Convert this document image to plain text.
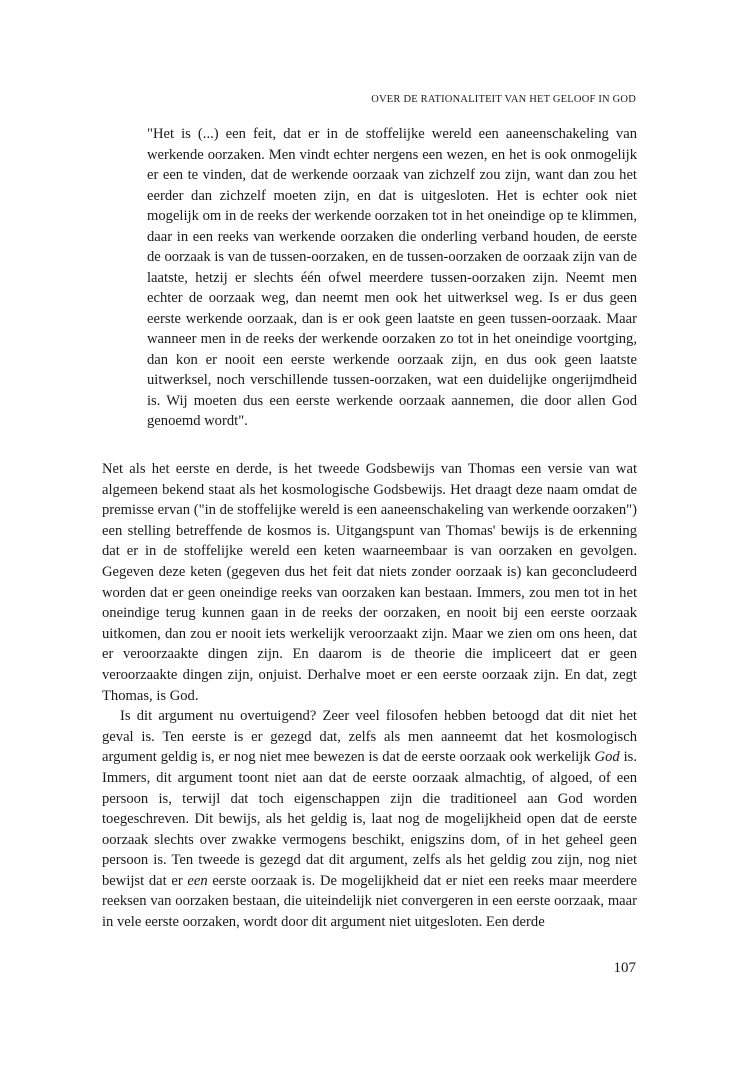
OVER DE RATIONALITEIT VAN HET GELOOF IN GOD
"Het is (...) een feit, dat er in de stoffelijke wereld een aaneenschakeling van werkende oorzaken. Men vindt echter nergens een wezen, en het is ook onmogelijk er een te vinden, dat de werkende oorzaak van zichzelf zou zijn, want dan zou het eerder dan zichzelf moeten zijn, en dat is uitgesloten. Het is echter ook niet mogelijk om in de reeks der werkende oorzaken tot in het oneindige op te klimmen, daar in een reeks van werkende oorzaken die onderling verband houden, de eerste de oorzaak is van de tussen-oorzaken, en de tussen-oorzaken de oorzaak zijn van de laatste, hetzij er slechts één ofwel meerdere tussen-oorzaken zijn. Neemt men echter de oorzaak weg, dan neemt men ook het uitwerksel weg. Is er dus geen eerste werkende oorzaak, dan is er ook geen laatste en geen tussen-oorzaak. Maar wanneer men in de reeks der werkende oorzaken zo tot in het oneindige voortging, dan kon er nooit een eerste werkende oorzaak zijn, en dus ook geen laatste uitwerksel, noch verschillende tussen-oorzaken, wat een duidelijke ongerijmdheid is. Wij moeten dus een eerste werkende oorzaak aannemen, die door allen God genoemd wordt".

Net als het eerste en derde, is het tweede Godsbewijs van Thomas een versie van wat algemeen bekend staat als het kosmologische Godsbewijs. Het draagt deze naam omdat de premisse ervan ("in de stoffelijke wereld is een aaneenschakeling van werkende oorzaken") een stelling betreffende de kosmos is. Uitgangspunt van Thomas' bewijs is de erkenning dat er in de stoffelijke wereld een keten waarneembaar is van oorzaken en gevolgen. Gegeven deze keten (gegeven dus het feit dat niets zonder oorzaak is) kan geconcludeerd worden dat er geen oneindige reeks van oorzaken kan bestaan. Immers, zou men tot in het oneindige terug kunnen gaan in de reeks der oorzaken, en nooit bij een eerste oorzaak uitkomen, dan zou er nooit iets werkelijk veroorzaakt zijn. Maar we zien om ons heen, dat er veroorzaakte dingen zijn. En daarom is de theorie die impliceert dat er geen veroorzaakte dingen zijn, onjuist. Derhalve moet er een eerste oorzaak zijn. En dat, zegt Thomas, is God.

Is dit argument nu overtuigend? Zeer veel filosofen hebben betoogd dat dit niet het geval is. Ten eerste is er gezegd dat, zelfs als men aanneemt dat het kosmologisch argument geldig is, er nog niet mee bewezen is dat de eerste oorzaak ook werkelijk God is. Immers, dit argument toont niet aan dat de eerste oorzaak almachtig, of algoed, of een persoon is, terwijl dat toch eigenschappen zijn die traditioneel aan God worden toegeschreven. Dit bewijs, als het geldig is, laat nog de mogelijkheid open dat de eerste oorzaak slechts over zwakke vermogens beschikt, enigszins dom, of in het geheel geen persoon is. Ten tweede is gezegd dat dit argument, zelfs als het geldig zou zijn, nog niet bewijst dat er een eerste oorzaak is. De mogelijkheid dat er niet een reeks maar meerdere reeksen van oorzaken bestaan, die uiteindelijk niet convergeren in een eerste oorzaak, maar in vele eerste oorzaken, wordt door dit argument niet uitgesloten. Een derde

107
